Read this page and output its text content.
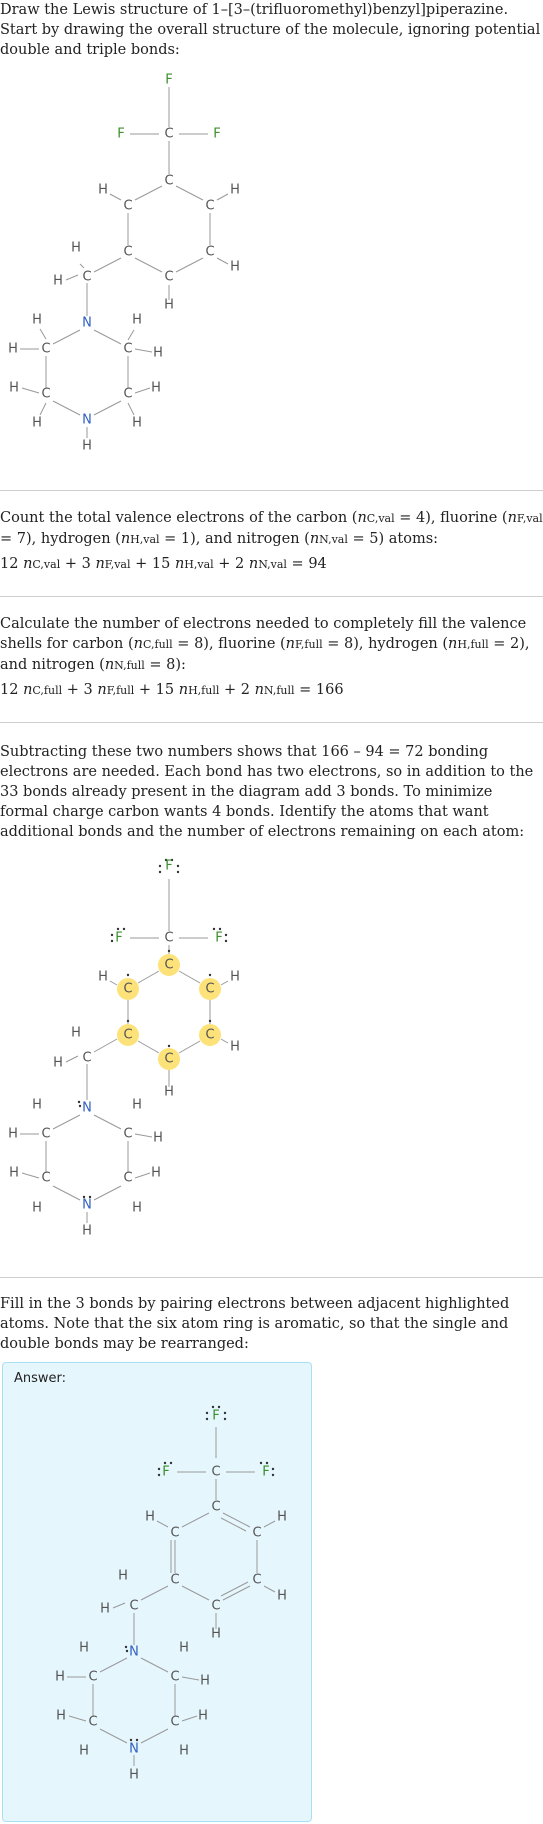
Draw the Lewis structure of 1–[3–(trifluoromethyl)benzyl]piperazine. Start by drawing the overall structure of the molecule, ignoring potential double and triple bonds:
F
F	F
C
C
C	C
C	C
C
H	H
H
H
C
H
H
N
C	C
C	C
N
H
H
H
H
H
H
H
H
H
Count the total valence electrons of the carbon (nC,val = 4), fluorine (nF,val = 7), hydrogen (nH,val = 1), and nitrogen (nN,val = 5) atoms:
12 nC,val + 3 nF,val + 15 nH,val + 2 nN,val = 94
Calculate the number of electrons needed to completely fill the valence shells for carbon (nC,full = 8), fluorine (nF,full = 8), hydrogen (nH,full = 2), and nitrogen (nN,full = 8):
12 nC,full + 3 nF,full + 15 nH,full + 2 nN,full = 166
Subtracting these two numbers shows that 166 – 94 = 72 bonding electrons are needed. Each bond has two electrons, so in addition to the 33 bonds already present in the diagram add 3 bonds. To minimize formal charge carbon wants 4 bonds. Identify the atoms that want additional bonds and the number of electrons remaining on each atom:
F
F	F
C
C
C	C
C	C
C
H	H
H
H
C
H
H
N
C	C
C	C
N
H
H
H
H
H
H
H
H
H
Fill in the 3 bonds by pairing electrons between adjacent highlighted atoms. Note that the six atom ring is aromatic, so that the single and double bonds may be rearranged:
Answer:
F
F	F
C
C
C	C
C	C
C
H	H
H
H
C
H
H
N
C	C
C	C
N
H
H
H
H
H
H
H
H
H
